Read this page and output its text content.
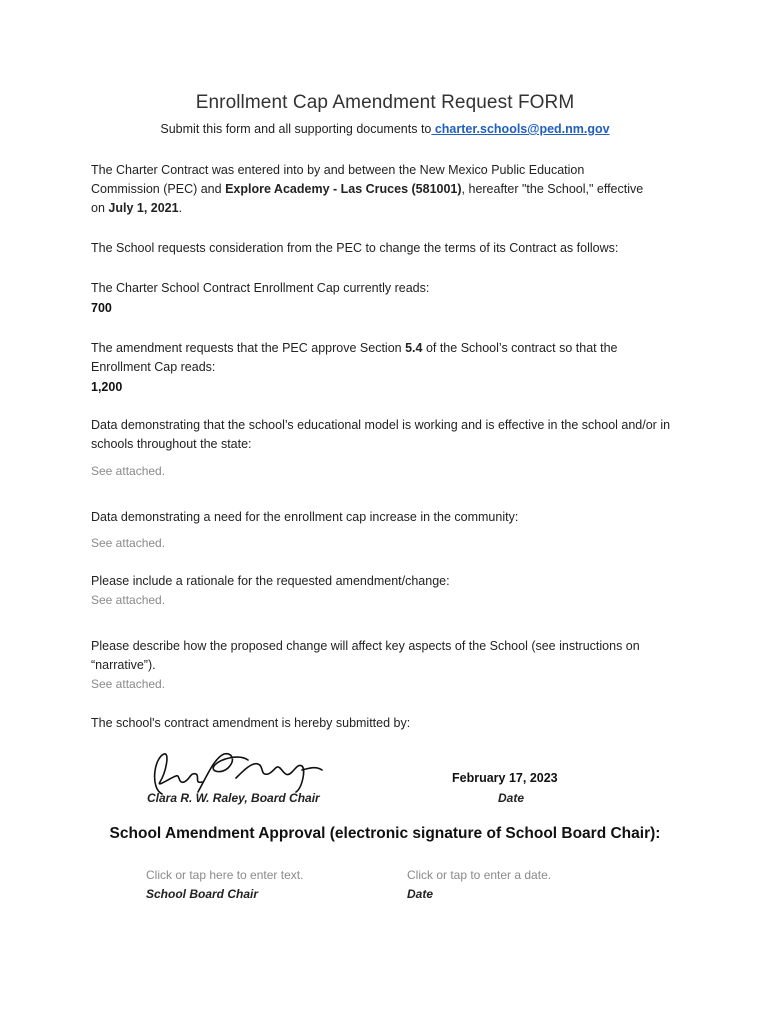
Enrollment Cap Amendment Request FORM
Submit this form and all supporting documents to charter.schools@ped.nm.gov
The Charter Contract was entered into by and between the New Mexico Public Education Commission (PEC) and Explore Academy - Las Cruces (581001), hereafter "the School," effective on July 1, 2021.
The School requests consideration from the PEC to change the terms of its Contract as follows:
The Charter School Contract Enrollment Cap currently reads:
700
The amendment requests that the PEC approve Section 5.4 of the School’s contract so that the Enrollment Cap reads:
1,200
Data demonstrating that the school’s educational model is working and is effective in the school and/or in schools throughout the state:
See attached.
Data demonstrating a need for the enrollment cap increase in the community:
See attached.
Please include a rationale for the requested amendment/change:
See attached.
Please describe how the proposed change will affect key aspects of the School (see instructions on “narrative”).
See attached.
The school's contract amendment is hereby submitted by:
Clara R. W. Raley, Board Chair
February 17, 2023
Date
School Amendment Approval (electronic signature of School Board Chair):
Click or tap here to enter text.
School Board Chair
Click or tap to enter a date.
Date
